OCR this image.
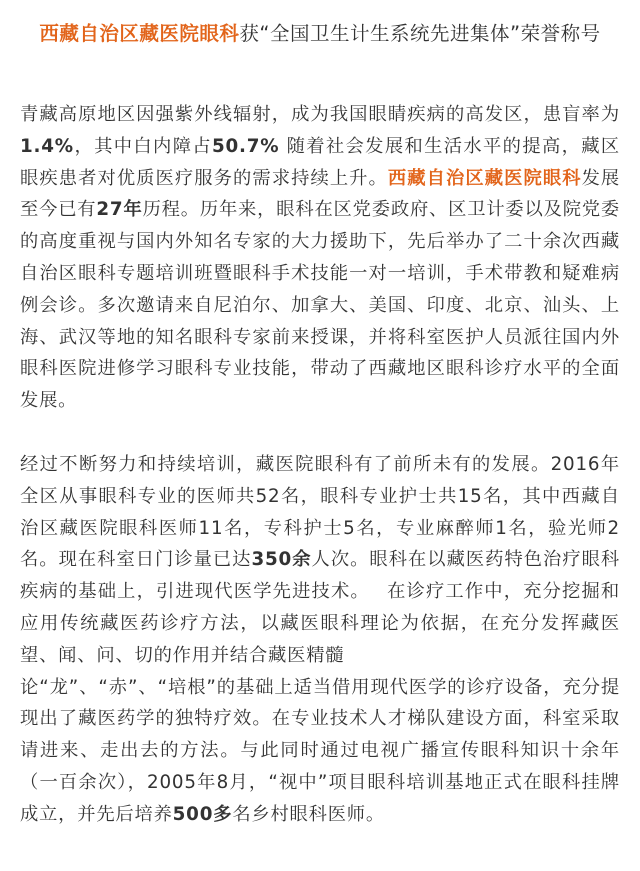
西藏自治区藏医院眼科获“全国卫生计生系统先进集体”荣誉称号

青藏高原地区因强紫外线辐射，成为我国眼睛疾病的高发区，患盲率为1.4%，其中白内障占50.7% 随着社会发展和生活水平的提高，藏区眼疾患者对优质医疗服务的需求持续上升。西藏自治区藏医院眼科发展至今已有27年历程。历年来，眼科在区党委政府、区卫计委以及院党委的高度重视与国内外知名专家的大力援助下，先后举办了二十余次西藏自治区眼科专题培训班暨眼科手术技能一对一培训，手术带教和疑难病例会诊。多次邀请来自尼泊尔、加拿大、美国、印度、北京、汕头、上海、武汉等地的知名眼科专家前来授课，并将科室医护人员派往国内外眼科医院进修学习眼科专业技能，带动了西藏地区眼科诊疗水平的全面发展。

经过不断努力和持续培训，藏医院眼科有了前所未有的发展。2016年全区从事眼科专业的医师共52名，眼科专业护士共15名，其中西藏自治区藏医院眼科医师11名，专科护士5名，专业麻醉师1名，验光师2名。现在科室日门诊量已达350余人次。眼科在以藏医药特色治疗眼科疾病的基础上，引进现代医学先进技术。　 在诊疗工作中，充分挖掘和应用传统藏医药诊疗方法，以藏医眼科理论为依据，在充分发挥藏医望、闻、问、切的作用并结合藏医精髓
论“龙”、“赤”、“培根”的基础上适当借用现代医学的诊疗设备，充分提现出了藏医药学的独特疗效。在专业技术人才梯队建设方面，科室采取请进来、走出去的方法。与此同时通过电视广播宣传眼科知识十余年（一百余次），2005年8月，“视中”项目眼科培训基地正式在眼科挂牌成立，并先后培养500多名乡村眼科医师。
